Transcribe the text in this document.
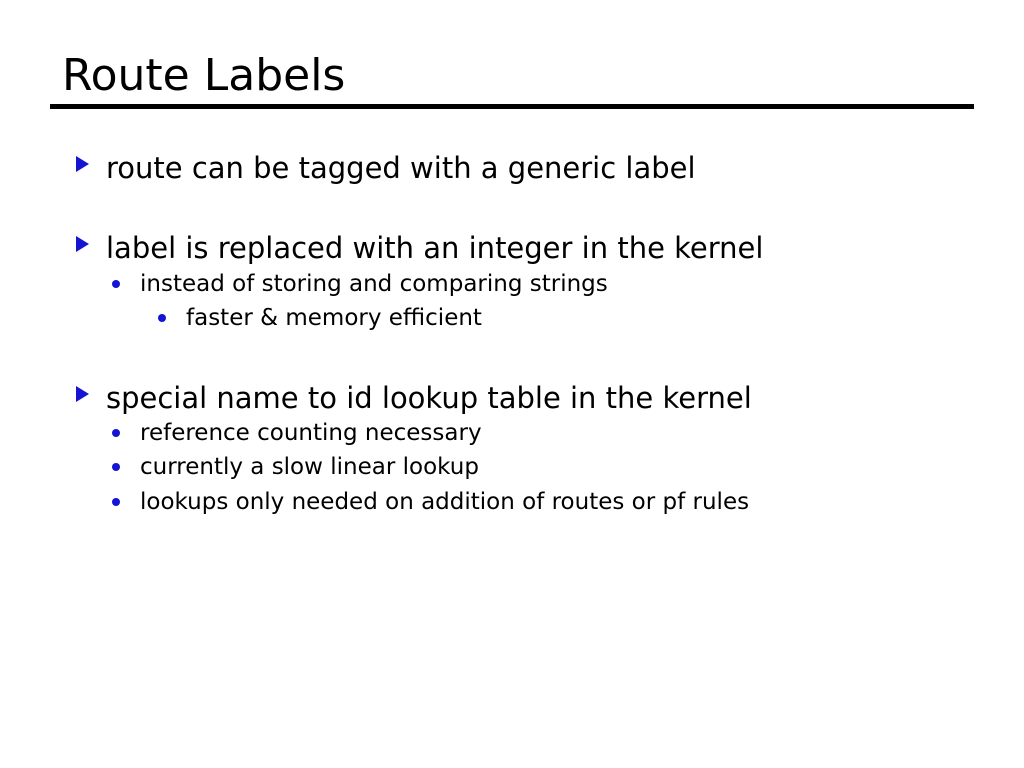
Route Labels
route can be tagged with a generic label
label is replaced with an integer in the kernel
instead of storing and comparing strings
faster & memory efficient
special name to id lookup table in the kernel
reference counting necessary
currently a slow linear lookup
lookups only needed on addition of routes or pf rules
